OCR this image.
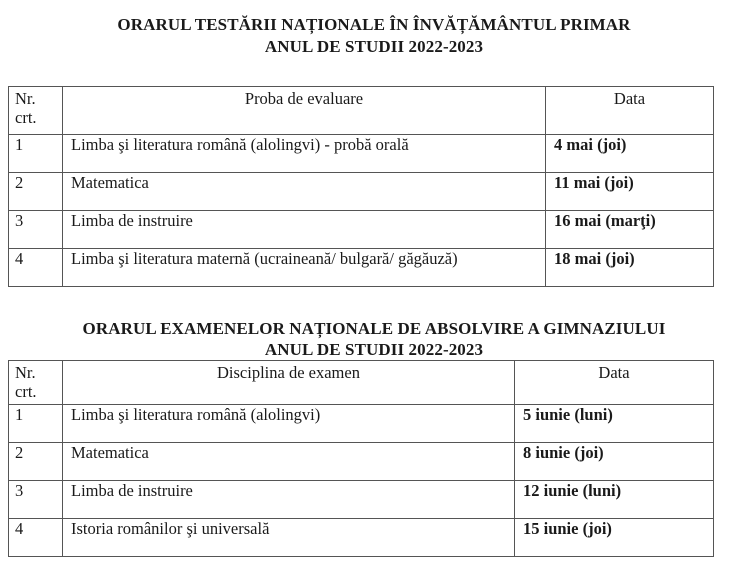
ORARUL TESTĂRII NAȚIONALE ÎN ÎNVĂȚĂMÂNTUL PRIMAR
ANUL DE STUDII 2022-2023
Nr.
crt.	Proba de evaluare	Data
1	Limba şi literatura română (alolingvi) - probă orală	4 mai (joi)
2	Matematica	11 mai (joi)
3	Limba de instruire	16 mai (marţi)
4	Limba şi literatura maternă (ucraineană/ bulgară/ găgăuză)	18 mai (joi)
ORARUL EXAMENELOR NAȚIONALE DE ABSOLVIRE A GIMNAZIULUI
ANUL DE STUDII 2022-2023
Nr.
crt.	Disciplina de examen	Data
1	Limba şi literatura română (alolingvi)	5 iunie (luni)
2	Matematica	8 iunie (joi)
3	Limba de instruire	12 iunie (luni)
4	Istoria românilor şi universală	15 iunie (joi)
